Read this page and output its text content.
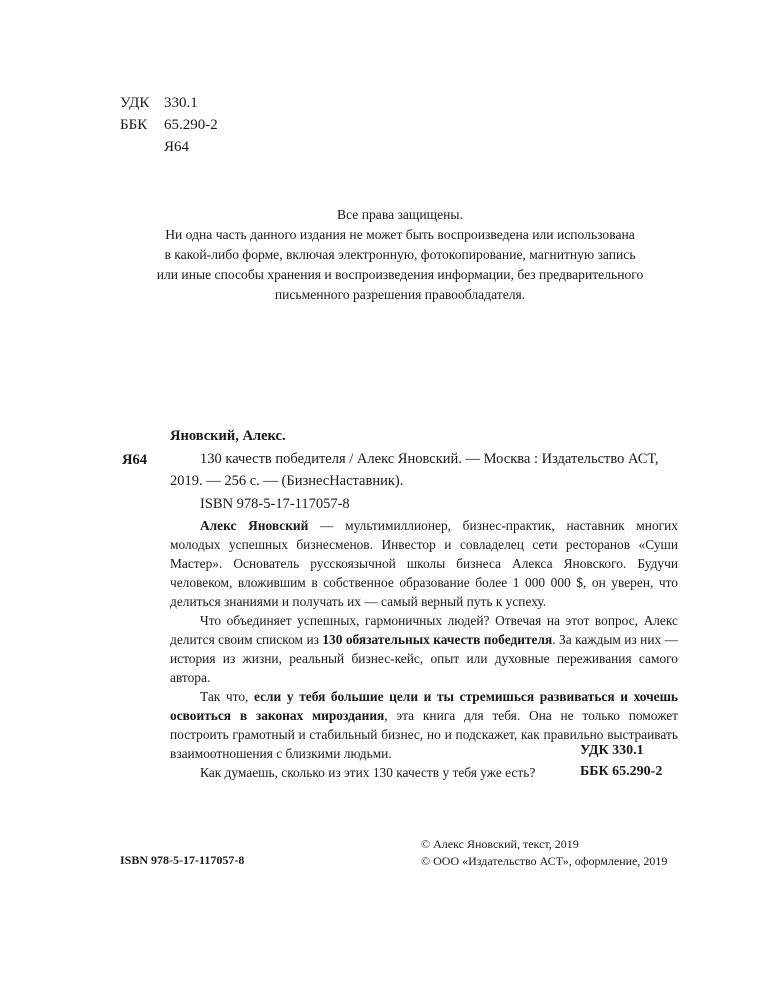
УДК 330.1
ББК	65.290-2
Я64
Все права защищены.
Ни одна часть данного издания не может быть воспроизведена или использована
в какой-либо форме, включая электронную, фотокопирование, магнитную запись
или иные способы хранения и воспроизведения информации, без предварительного
письменного разрешения правообладателя.
Яновский, Алекс.
Я64	130 качеств победителя / Алекс Яновский. — Москва : Издательство АСТ,
2019. — 256 с. — (БизнесНаставник).
ISBN 978-5-17-117057-8

Алекс Яновский — мультимиллионер, бизнес-практик, наставник многих молодых успешных бизнесменов. Инвестор и совладелец сети ресторанов «Суши Мастер». Основатель русскоязычной школы бизнеса Алекса Яновского. Будучи человеком, вложившим в собственное образование более 1 000 000 $, он уверен, что делиться знаниями и получать их — самый верный путь к успеху.

Что объединяет успешных, гармоничных людей? Отвечая на этот вопрос, Алекс делится своим списком из 130 обязательных качеств победителя. За каждым из них — история из жизни, реальный бизнес-кейс, опыт или духовные переживания самого автора.

Так что, если у тебя большие цели и ты стремишься развиваться и хочешь освоиться в законах мироздания, эта книга для тебя. Она не только поможет построить грамотный и стабильный бизнес, но и подскажет, как правильно выстраивать взаимоотношения с близкими людьми.

Как думаешь, сколько из этих 130 качеств у тебя уже есть?

УДК 330.1
ББК 65.290-2
© Алекс Яновский, текст, 2019
© ООО «Издательство АСТ», оформление, 2019
ISBN 978-5-17-117057-8
